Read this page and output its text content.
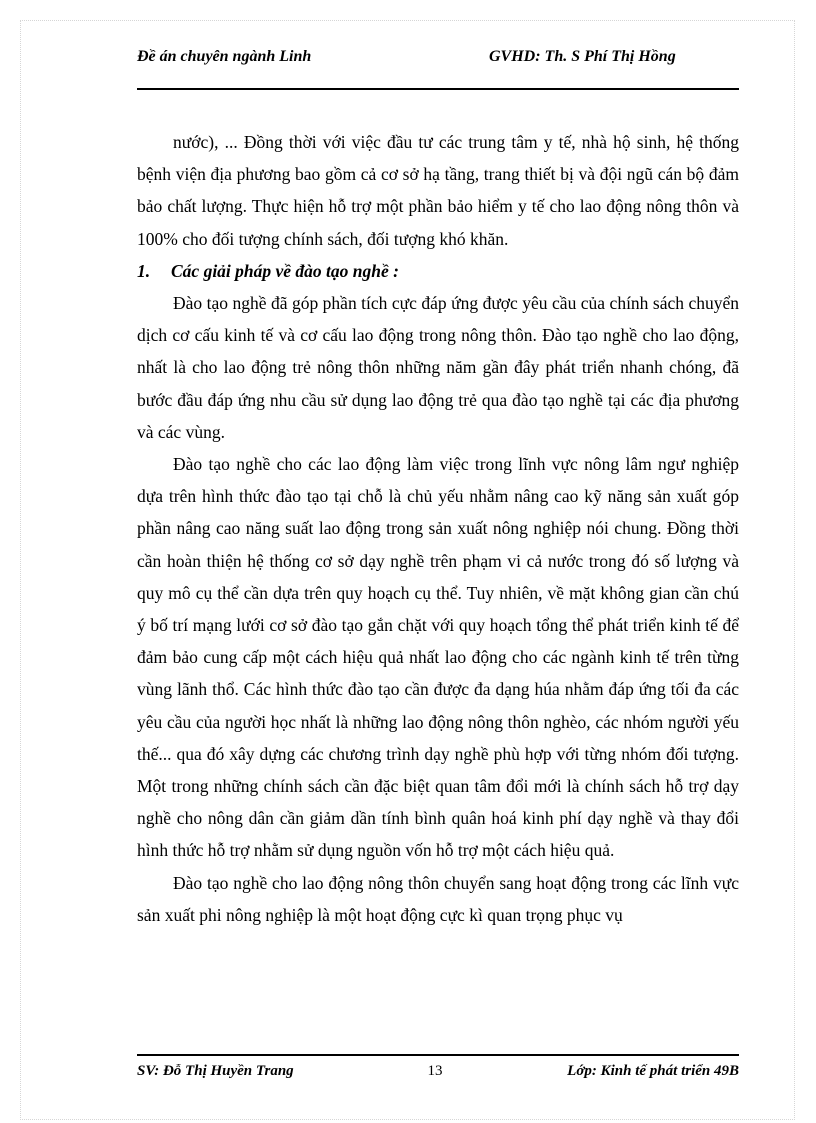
Đề án chuyên ngành Linh	GVHD: Th. S Phí Thị Hồng

nước), ... Đồng thời với việc đầu tư các trung tâm y tế, nhà hộ sinh, hệ thống bệnh viện địa phương bao gồm cả cơ sở hạ tầng, trang thiết bị và đội ngũ cán bộ đảm bảo chất lượng. Thực hiện hỗ trợ một phần bảo hiểm y tế cho lao động nông thôn và 100% cho đối tượng chính sách, đối tượng khó khăn.

1.	Các giải pháp về đào tạo nghề :

Đào tạo nghề đã góp phần tích cực đáp ứng được yêu cầu của chính sách chuyển dịch cơ cấu kinh tế và cơ cấu lao động trong nông thôn. Đào tạo nghề cho lao động, nhất là cho lao động trẻ nông thôn những năm gần đây phát triển nhanh chóng, đã bước đầu đáp ứng nhu cầu sử dụng lao động trẻ qua đào tạo nghề tại các địa phương và các vùng.

Đào tạo nghề cho các lao động làm việc trong lĩnh vực nông lâm ngư nghiệp dựa trên hình thức đào tạo tại chỗ là chủ yếu nhằm nâng cao kỹ năng sản xuất góp phần nâng cao năng suất lao động trong sản xuất nông nghiệp nói chung. Đồng thời cần hoàn thiện hệ thống cơ sở dạy nghề trên phạm vi cả nước trong đó số lượng và quy mô cụ thể cần dựa trên quy hoạch cụ thể. Tuy nhiên, về mặt không gian cần chú ý bố trí mạng lưới cơ sở đào tạo gắn chặt với quy hoạch tổng thể phát triển kinh tế để đảm bảo cung cấp một cách hiệu quả nhất lao động cho các ngành kinh tế trên từng vùng lãnh thổ. Các hình thức đào tạo cần được đa dạng húa nhằm đáp ứng tối đa các yêu cầu của người học nhất là những lao động nông thôn nghèo, các nhóm người yếu thế... qua đó xây dựng các chương trình dạy nghề phù hợp với từng nhóm đối tượng. Một trong những chính sách cần đặc biệt quan tâm đổi mới là chính sách hỗ trợ dạy nghề cho nông dân cần giảm dần tính bình quân hoá kinh phí dạy nghề và thay đổi hình thức hỗ trợ nhằm sử dụng nguồn vốn hỗ trợ một cách hiệu quả.

Đào tạo nghề cho lao động nông thôn chuyển sang hoạt động trong các lĩnh vực sản xuất phi nông nghiệp là một hoạt động cực kì quan trọng phục vụ

SV: Đỗ Thị Huyền Trang	13	Lớp: Kinh tế phát triển 49B
